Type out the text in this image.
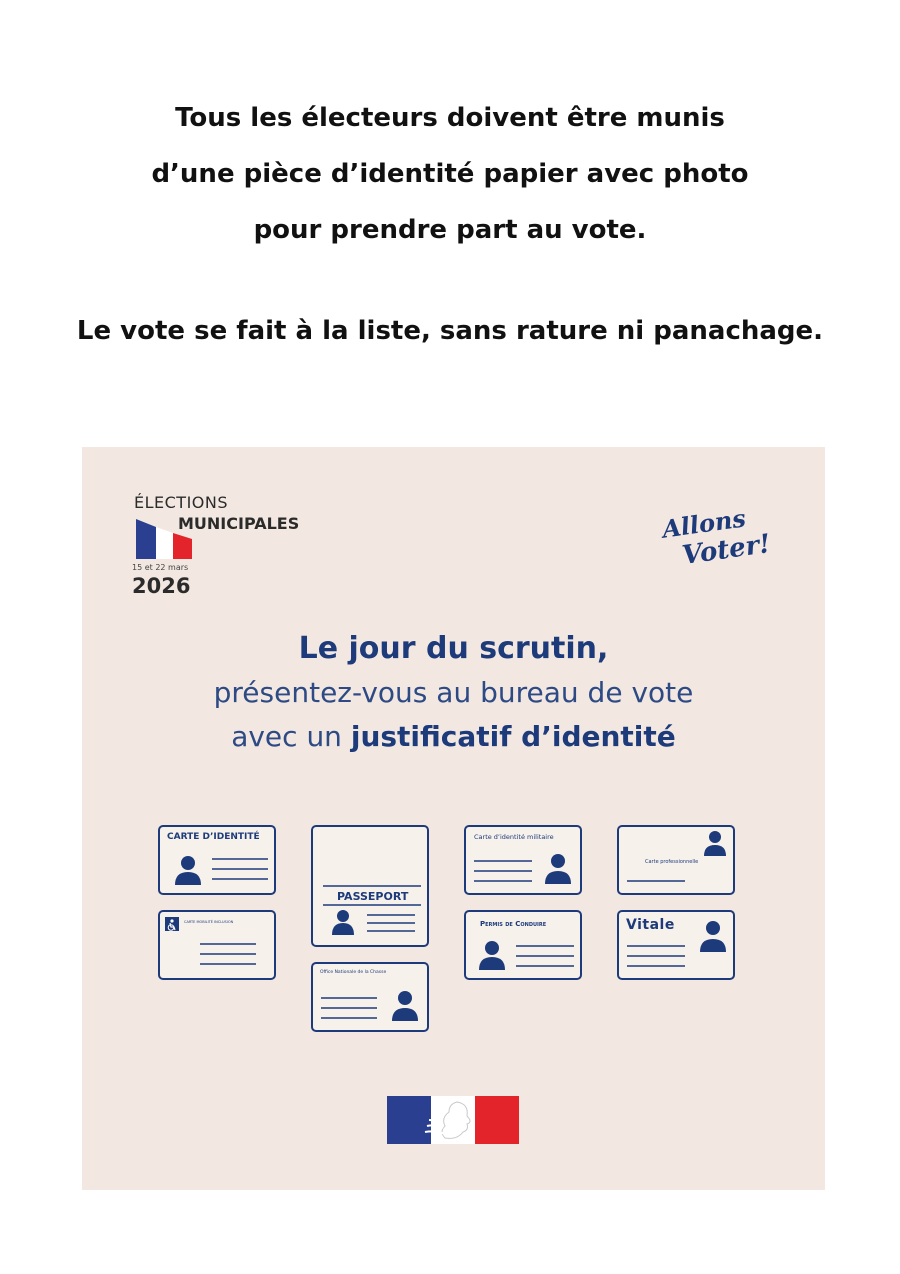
Tous les électeurs doivent être munis
d’une pièce d’identité papier avec photo
pour prendre part au vote.
Le vote se fait à la liste, sans rature ni panachage.
ÉLECTIONS
MUNICIPALES
15 et 22 mars
2026
Allons
Voter!
Le jour du scrutin,
présentez-vous au bureau de vote
avec un justificatif d’identité
CARTE D’IDENTITÉ
CARTE MOBILITÉ INCLUSION
PASSEPORT
Office Nationale de la Chasse
Carte d’identité militaire
Permis de Conduire
Carte professionnelle
Vitale
